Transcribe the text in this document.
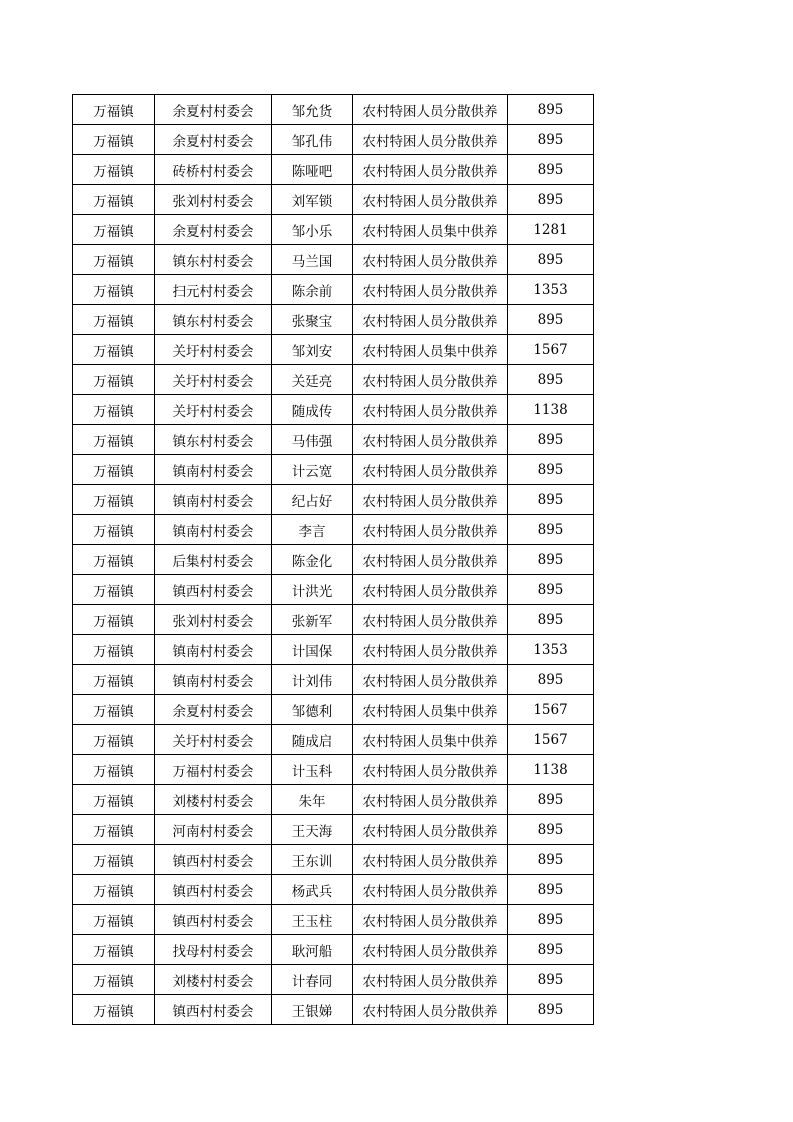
万福镇	余夏村村委会	邹允货	农村特困人员分散供养	895
万福镇	余夏村村委会	邹孔伟	农村特困人员分散供养	895
万福镇	砖桥村村委会	陈哑吧	农村特困人员分散供养	895
万福镇	张刘村村委会	刘军锁	农村特困人员分散供养	895
万福镇	余夏村村委会	邹小乐	农村特困人员集中供养	1281
万福镇	镇东村村委会	马兰国	农村特困人员分散供养	895
万福镇	扫元村村委会	陈余前	农村特困人员分散供养	1353
万福镇	镇东村村委会	张聚宝	农村特困人员分散供养	895
万福镇	关圩村村委会	邹刘安	农村特困人员集中供养	1567
万福镇	关圩村村委会	关廷亮	农村特困人员分散供养	895
万福镇	关圩村村委会	随成传	农村特困人员分散供养	1138
万福镇	镇东村村委会	马伟强	农村特困人员分散供养	895
万福镇	镇南村村委会	计云宽	农村特困人员分散供养	895
万福镇	镇南村村委会	纪占好	农村特困人员分散供养	895
万福镇	镇南村村委会	李言	农村特困人员分散供养	895
万福镇	后集村村委会	陈金化	农村特困人员分散供养	895
万福镇	镇西村村委会	计洪光	农村特困人员分散供养	895
万福镇	张刘村村委会	张新军	农村特困人员分散供养	895
万福镇	镇南村村委会	计国保	农村特困人员分散供养	1353
万福镇	镇南村村委会	计刘伟	农村特困人员分散供养	895
万福镇	余夏村村委会	邹德利	农村特困人员集中供养	1567
万福镇	关圩村村委会	随成启	农村特困人员集中供养	1567
万福镇	万福村村委会	计玉科	农村特困人员分散供养	1138
万福镇	刘楼村村委会	朱年	农村特困人员分散供养	895
万福镇	河南村村委会	王天海	农村特困人员分散供养	895
万福镇	镇西村村委会	王东训	农村特困人员分散供养	895
万福镇	镇西村村委会	杨武兵	农村特困人员分散供养	895
万福镇	镇西村村委会	王玉柱	农村特困人员分散供养	895
万福镇	找母村村委会	耿河船	农村特困人员分散供养	895
万福镇	刘楼村村委会	计春同	农村特困人员分散供养	895
万福镇	镇西村村委会	王银娣	农村特困人员分散供养	895
